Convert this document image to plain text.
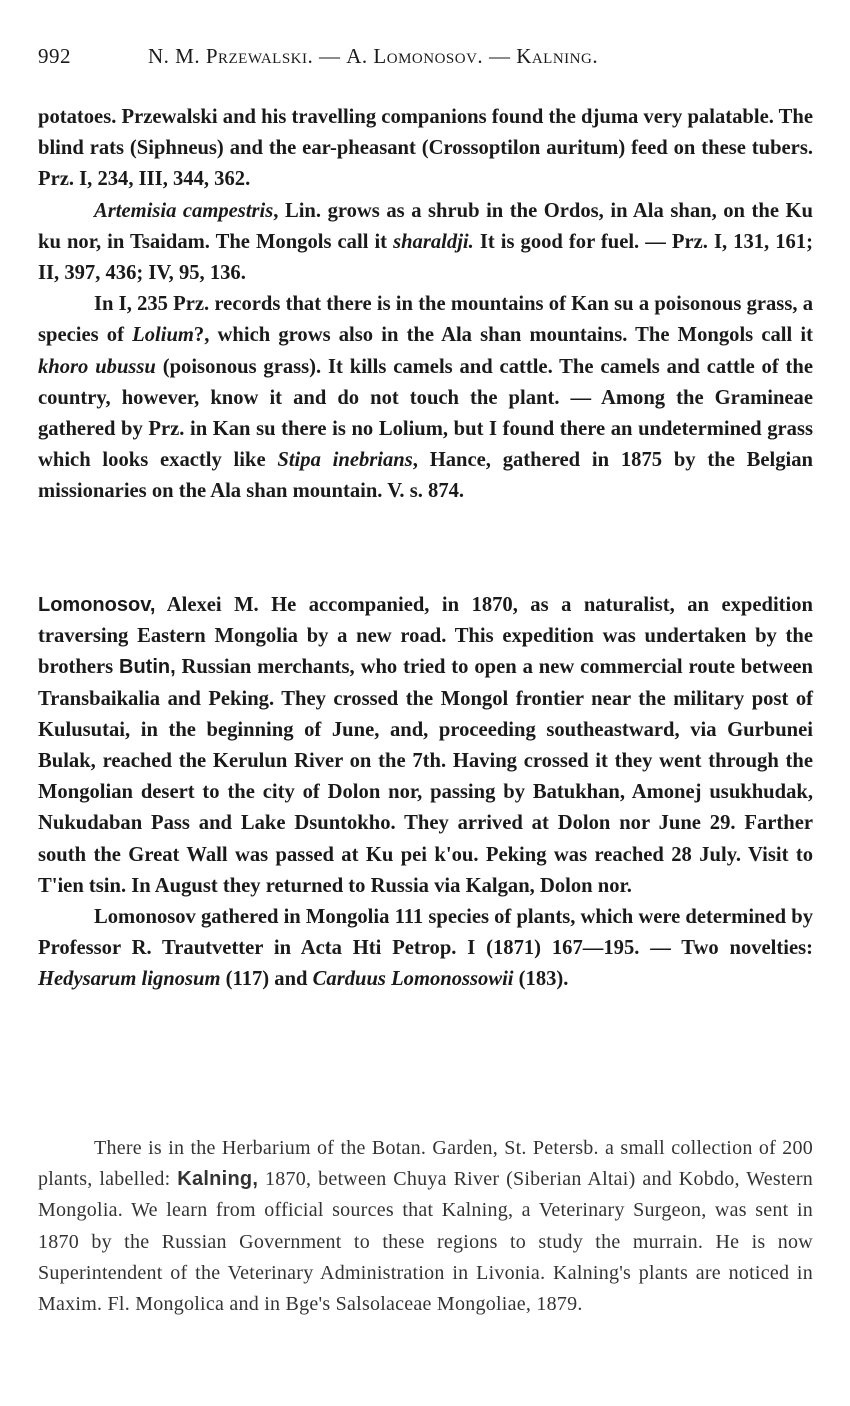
992	N. M. Przewalski. — A. Lomonosov. — Kalning.

potatoes. Przewalski and his travelling companions found the djuma very palatable. The blind rats (Siphneus) and the ear-pheasant (Crossoptilon auritum) feed on these tubers. Prz. I, 234, III, 344, 362.

Artemisia campestris, Lin. grows as a shrub in the Ordos, in Ala shan, on the Ku ku nor, in Tsaidam. The Mongols call it sharaldji. It is good for fuel. — Prz. I, 131, 161; II, 397, 436; IV, 95, 136.

In I, 235 Prz. records that there is in the mountains of Kan su a poisonous grass, a species of Lolium?, which grows also in the Ala shan mountains. The Mongols call it khoro ubussu (poisonous grass). It kills camels and cattle. The camels and cattle of the country, however, know it and do not touch the plant. — Among the Gramineae gathered by Prz. in Kan su there is no Lolium, but I found there an undetermined grass which looks exactly like Stipa inebrians, Hance, gathered in 1875 by the Belgian missionaries on the Ala shan mountain. V. s. 874.

Lomonosov, Alexei M. He accompanied, in 1870, as a naturalist, an expedition traversing Eastern Mongolia by a new road. This expedition was undertaken by the brothers Butin, Russian merchants, who tried to open a new commercial route between Transbaikalia and Peking. They crossed the Mongol frontier near the military post of Kulusutai, in the beginning of June, and, proceeding southeastward, via Gurbunei Bulak, reached the Kerulun River on the 7th. Having crossed it they went through the Mongolian desert to the city of Dolon nor, passing by Batukhan, Amonej usukhudak, Nukudaban Pass and Lake Dsuntokho. They arrived at Dolon nor June 29. Farther south the Great Wall was passed at Ku pei k'ou. Peking was reached 28 July. Visit to T'ien tsin. In August they returned to Russia via Kalgan, Dolon nor.

Lomonosov gathered in Mongolia 111 species of plants, which were determined by Professor R. Trautvetter in Acta Hti Petrop. I (1871) 167—195. — Two novelties: Hedysarum lignosum (117) and Carduus Lomonossowii (183).

There is in the Herbarium of the Botan. Garden, St. Petersb. a small collection of 200 plants, labelled: Kalning, 1870, between Chuya River (Siberian Altai) and Kobdo, Western Mongolia. We learn from official sources that Kalning, a Veterinary Surgeon, was sent in 1870 by the Russian Government to these regions to study the murrain. He is now Superintendent of the Veterinary Administration in Livonia. Kalning's plants are noticed in Maxim. Fl. Mongolica and in Bge's Salsolaceae Mongoliae, 1879.
